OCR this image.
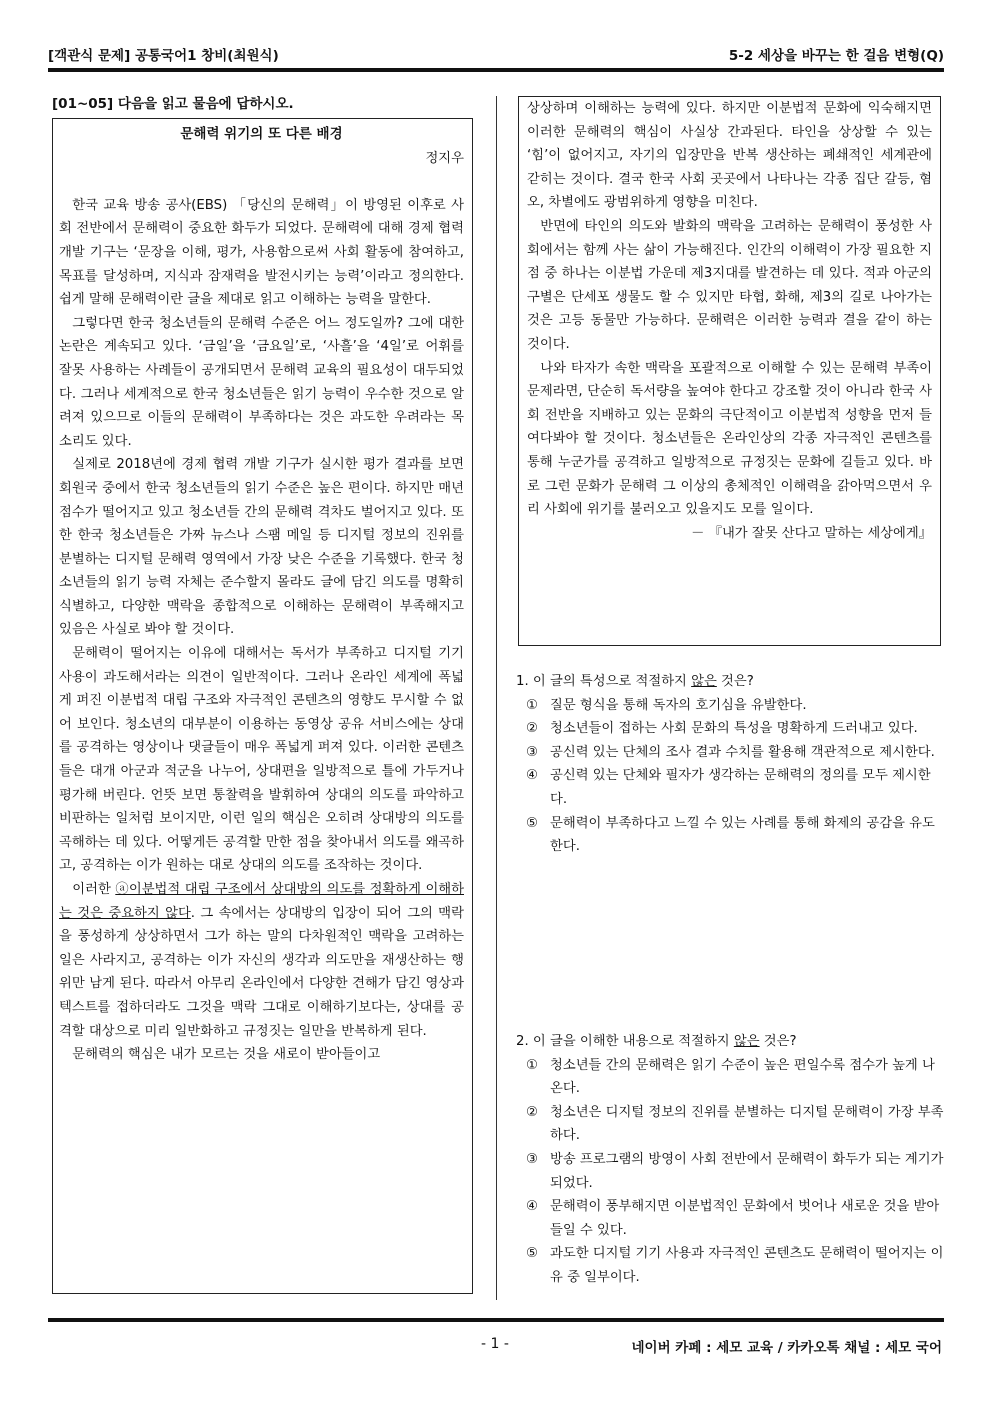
[객관식 문제] 공통국어1 창비(최원식)	5-2 세상을 바꾸는 한 걸음 변형(Q)
[01~05] 다음을 읽고 물음에 답하시오.
문해력 위기의 또 다른 배경
정지우

한국 교육 방송 공사(EBS) 「당신의 문해력」이 방영된 이후로 사회 전반에서 문해력이 중요한 화두가 되었다. 문해력에 대해 경제 협력 개발 기구는 ‘문장을 이해, 평가, 사용함으로써 사회 활동에 참여하고, 목표를 달성하며, 지식과 잠재력을 발전시키는 능력’이라고 정의한다. 쉽게 말해 문해력이란 글을 제대로 읽고 이해하는 능력을 말한다.

그렇다면 한국 청소년들의 문해력 수준은 어느 정도일까? 그에 대한 논란은 계속되고 있다. ‘금일’을 ‘금요일’로, ‘사흘’을 ‘4일’로 어휘를 잘못 사용하는 사례들이 공개되면서 문해력 교육의 필요성이 대두되었다. 그러나 세계적으로 한국 청소년들은 읽기 능력이 우수한 것으로 알려져 있으므로 이들의 문해력이 부족하다는 것은 과도한 우려라는 목소리도 있다.

실제로 2018년에 경제 협력 개발 기구가 실시한 평가 결과를 보면 회원국 중에서 한국 청소년들의 읽기 수준은 높은 편이다. 하지만 매년 점수가 떨어지고 있고 청소년들 간의 문해력 격차도 벌어지고 있다. 또한 한국 청소년들은 가짜 뉴스나 스팸 메일 등 디지털 정보의 진위를 분별하는 디지털 문해력 영역에서 가장 낮은 수준을 기록했다. 한국 청소년들의 읽기 능력 자체는 준수할지 몰라도 글에 담긴 의도를 명확히 식별하고, 다양한 맥락을 종합적으로 이해하는 문해력이 부족해지고 있음은 사실로 봐야 할 것이다.

문해력이 떨어지는 이유에 대해서는 독서가 부족하고 디지털 기기 사용이 과도해서라는 의견이 일반적이다. 그러나 온라인 세계에 폭넓게 퍼진 이분법적 대립 구조와 자극적인 콘텐츠의 영향도 무시할 수 없어 보인다. 청소년의 대부분이 이용하는 동영상 공유 서비스에는 상대를 공격하는 영상이나 댓글들이 매우 폭넓게 퍼져 있다. 이러한 콘텐츠들은 대개 아군과 적군을 나누어, 상대편을 일방적으로 틀에 가두거나 평가해 버린다. 언뜻 보면 통찰력을 발휘하여 상대의 의도를 파악하고 비판하는 일처럼 보이지만, 이런 일의 핵심은 오히려 상대방의 의도를 곡해하는 데 있다. 어떻게든 공격할 만한 점을 찾아내서 의도를 왜곡하고, 공격하는 이가 원하는 대로 상대의 의도를 조작하는 것이다.

이러한 ⓐ이분법적 대립 구조에서 상대방의 의도를 정확하게 이해하는 것은 중요하지 않다. 그 속에서는 상대방의 입장이 되어 그의 맥락을 풍성하게 상상하면서 그가 하는 말의 다차원적인 맥락을 고려하는 일은 사라지고, 공격하는 이가 자신의 생각과 의도만을 재생산하는 행위만 남게 된다. 따라서 아무리 온라인에서 다양한 견해가 담긴 영상과 텍스트를 접하더라도 그것을 맥락 그대로 이해하기보다는, 상대를 공격할 대상으로 미리 일반화하고 규정짓는 일만을 반복하게 된다.

문해력의 핵심은 내가 모르는 것을 새로이 받아들이고

상상하며 이해하는 능력에 있다. 하지만 이분법적 문화에 익숙해지면 이러한 문해력의 핵심이 사실상 간과된다. 타인을 상상할 수 있는 ‘힘’이 없어지고, 자기의 입장만을 반복 생산하는 폐쇄적인 세계관에 갇히는 것이다. 결국 한국 사회 곳곳에서 나타나는 각종 집단 갈등, 혐오, 차별에도 광범위하게 영향을 미친다.

반면에 타인의 의도와 발화의 맥락을 고려하는 문해력이 풍성한 사회에서는 함께 사는 삶이 가능해진다. 인간의 이해력이 가장 필요한 지점 중 하나는 이분법 가운데 제3지대를 발견하는 데 있다. 적과 아군의 구별은 단세포 생물도 할 수 있지만 타협, 화해, 제3의 길로 나아가는 것은 고등 동물만 가능하다. 문해력은 이러한 능력과 결을 같이 하는 것이다.

나와 타자가 속한 맥락을 포괄적으로 이해할 수 있는 문해력 부족이 문제라면, 단순히 독서량을 높여야 한다고 강조할 것이 아니라 한국 사회 전반을 지배하고 있는 문화의 극단적이고 이분법적 성향을 먼저 들여다봐야 할 것이다. 청소년들은 온라인상의 각종 자극적인 콘텐츠를 통해 누군가를 공격하고 일방적으로 규정짓는 문화에 길들고 있다. 바로 그런 문화가 문해력 그 이상의 총체적인 이해력을 갉아먹으면서 우리 사회에 위기를 불러오고 있을지도 모를 일이다.

－ 『내가 잘못 산다고 말하는 세상에게』
1. 이 글의 특성으로 적절하지 않은 것은?
① 질문 형식을 통해 독자의 호기심을 유발한다.
② 청소년들이 접하는 사회 문화의 특성을 명확하게 드러내고 있다.
③ 공신력 있는 단체의 조사 결과 수치를 활용해 객관적으로 제시한다.
④ 공신력 있는 단체와 필자가 생각하는 문해력의 정의를 모두 제시한다.
⑤ 문해력이 부족하다고 느낄 수 있는 사례를 통해 화제의 공감을 유도한다.
2. 이 글을 이해한 내용으로 적절하지 않은 것은?
① 청소년들 간의 문해력은 읽기 수준이 높은 편일수록 점수가 높게 나온다.
② 청소년은 디지털 정보의 진위를 분별하는 디지털 문해력이 가장 부족하다.
③ 방송 프로그램의 방영이 사회 전반에서 문해력이 화두가 되는 계기가 되었다.
④ 문해력이 풍부해지면 이분법적인 문화에서 벗어나 새로운 것을 받아들일 수 있다.
⑤ 과도한 디지털 기기 사용과 자극적인 콘텐츠도 문해력이 떨어지는 이유 중 일부이다.
- 1 -	네이버 카페 : 세모 교육 / 카카오톡 채널 : 세모 국어
